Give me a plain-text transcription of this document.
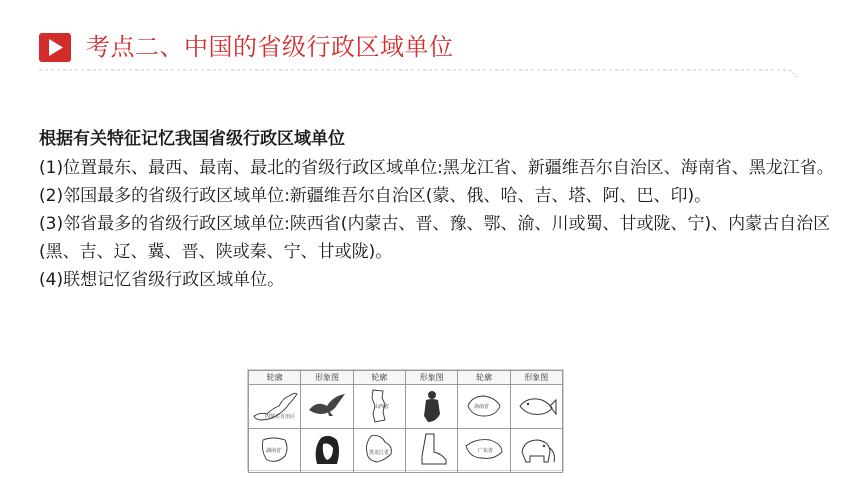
考点二、中国的省级行政区域单位

根据有关特征记忆我国省级行政区域单位

(1)位置最东、最西、最南、最北的省级行政区域单位:黑龙江省、新疆维吾尔自治区、海南省、黑龙江省。

(2)邻国最多的省级行政区域单位:新疆维吾尔自治区(蒙、俄、哈、吉、塔、阿、巴、印)。

(3)邻省最多的省级行政区域单位:陕西省(内蒙古、晋、豫、鄂、渝、川或蜀、甘或陇、宁)、内蒙古自治区(黑、吉、辽、冀、晋、陕或秦、宁、甘或陇)。

(4)联想记忆省级行政区域单位。

轮廓	形象图	轮廓	形象图	轮廓	形象图

内蒙古自治区		山西省		海南省

湖南省		黑龙江省		广东省
